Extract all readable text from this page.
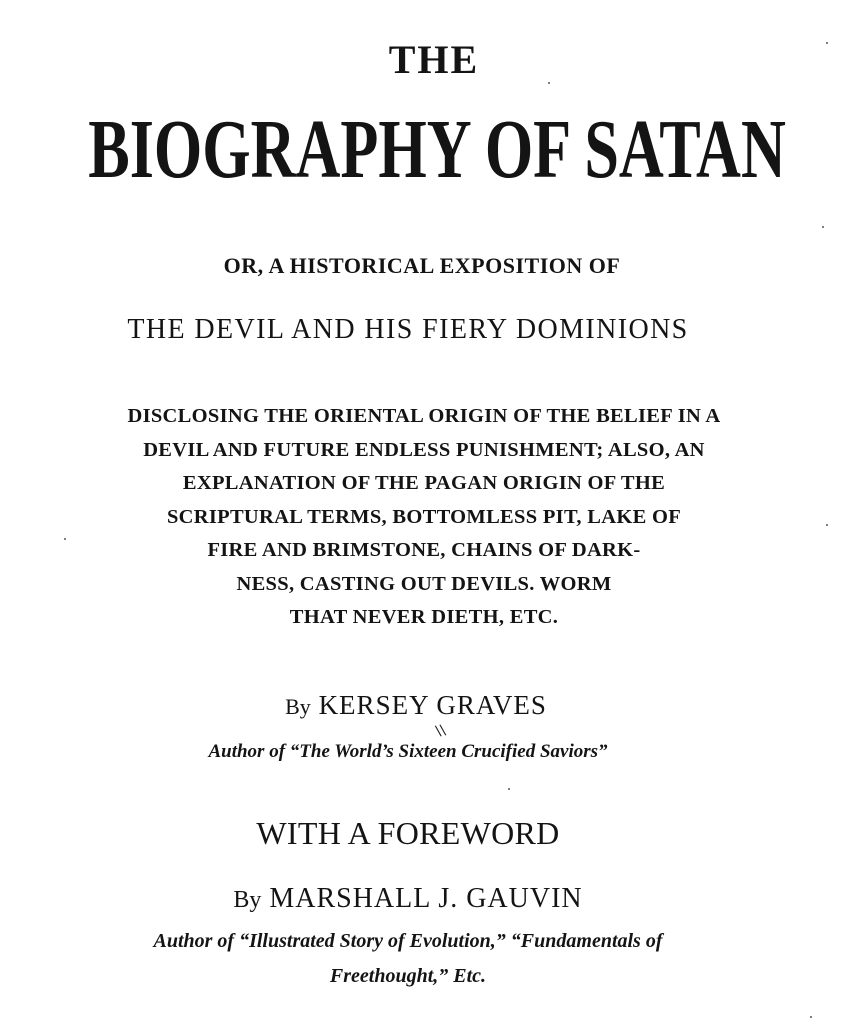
THE
BIOGRAPHY OF SATAN
OR, A HISTORICAL EXPOSITION OF
THE DEVIL AND HIS FIERY DOMINIONS
DISCLOSING THE ORIENTAL ORIGIN OF THE BELIEF IN A
DEVIL AND FUTURE ENDLESS PUNISHMENT; ALSO, AN
EXPLANATION OF THE PAGAN ORIGIN OF THE
SCRIPTURAL TERMS, BOTTOMLESS PIT, LAKE OF
FIRE AND BRIMSTONE, CHAINS OF DARK-
NESS, CASTING OUT DEVILS. WORM
THAT NEVER DIETH, ETC.
By KERSEY GRAVES
\\
Author of “The World’s Sixteen Crucified Saviors”
WITH A FOREWORD
By MARSHALL J. GAUVIN
Author of “Illustrated Story of Evolution,” “Fundamentals of
Freethought,” Etc.
